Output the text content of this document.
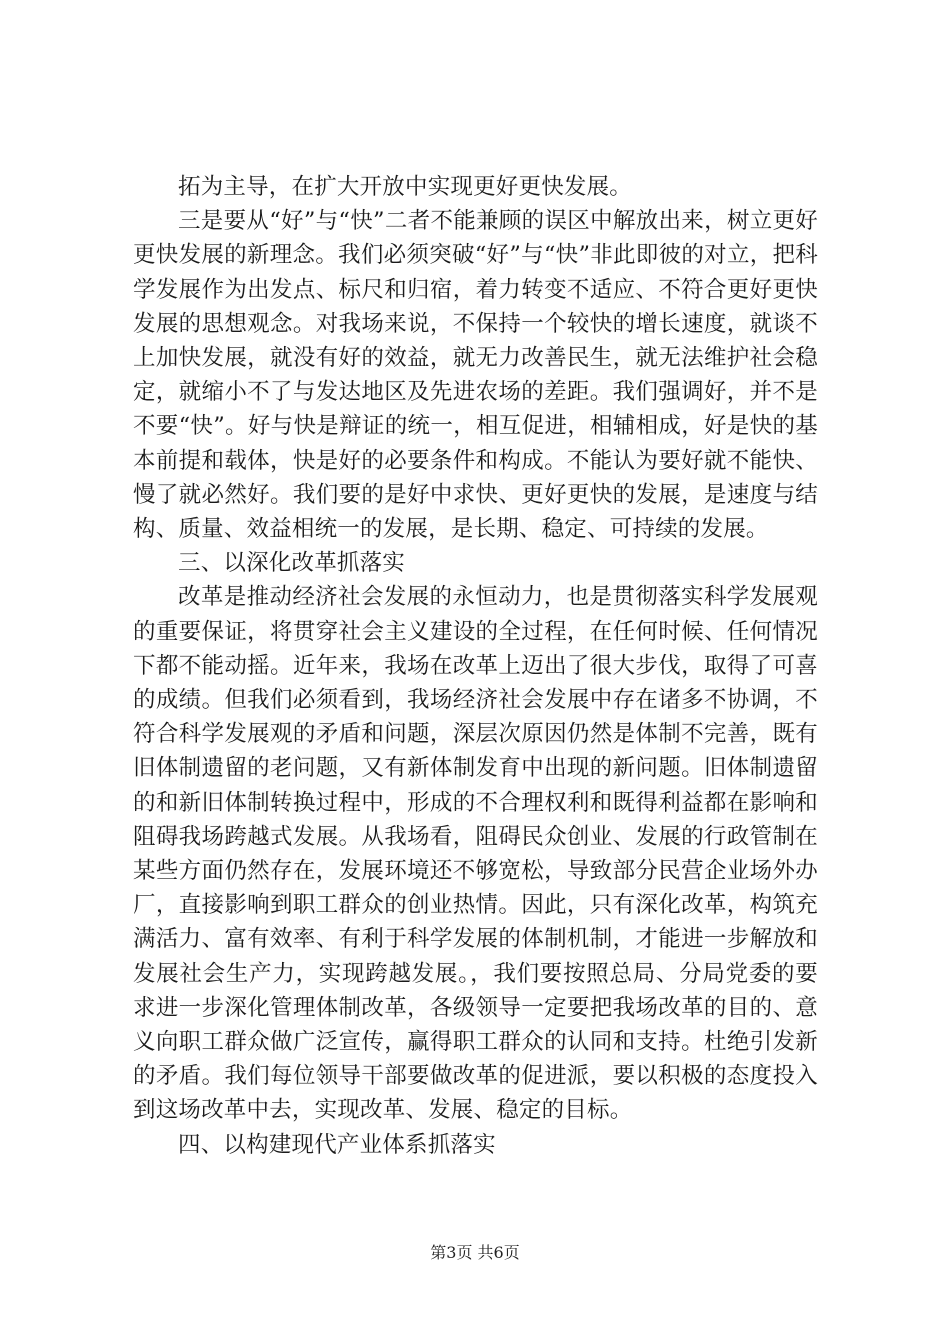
拓为主导，在扩大开放中实现更好更快发展。

三是要从“好”与“快”二者不能兼顾的误区中解放出来，树立更好更快发展的新理念。我们必须突破“好”与“快”非此即彼的对立，把科学发展作为出发点、标尺和归宿，着力转变不适应、不符合更好更快发展的思想观念。对我场来说，不保持一个较快的增长速度，就谈不上加快发展，就没有好的效益，就无力改善民生，就无法维护社会稳定，就缩小不了与发达地区及先进农场的差距。我们强调好，并不是不要“快”。好与快是辩证的统一，相互促进，相辅相成，好是快的基本前提和载体，快是好的必要条件和构成。不能认为要好就不能快、慢了就必然好。我们要的是好中求快、更好更快的发展，是速度与结构、质量、效益相统一的发展，是长期、稳定、可持续的发展。

三、以深化改革抓落实

改革是推动经济社会发展的永恒动力，也是贯彻落实科学发展观的重要保证，将贯穿社会主义建设的全过程，在任何时候、任何情况下都不能动摇。近年来，我场在改革上迈出了很大步伐，取得了可喜的成绩。但我们必须看到，我场经济社会发展中存在诸多不协调，不符合科学发展观的矛盾和问题，深层次原因仍然是体制不完善，既有旧体制遗留的老问题，又有新体制发育中出现的新问题。旧体制遗留的和新旧体制转换过程中，形成的不合理权利和既得利益都在影响和阻碍我场跨越式发展。从我场看，阻碍民众创业、发展的行政管制在某些方面仍然存在，发展环境还不够宽松，导致部分民营企业场外办厂，直接影响到职工群众的创业热情。因此，只有深化改革，构筑充满活力、富有效率、有利于科学发展的体制机制，才能进一步解放和发展社会生产力，实现跨越发展。，我们要按照总局、分局党委的要求进一步深化管理体制改革，各级领导一定要把我场改革的目的、意义向职工群众做广泛宣传，赢得职工群众的认同和支持。杜绝引发新的矛盾。我们每位领导干部要做改革的促进派，要以积极的态度投入到这场改革中去，实现改革、发展、稳定的目标。

四、以构建现代产业体系抓落实

第3页 共6页
